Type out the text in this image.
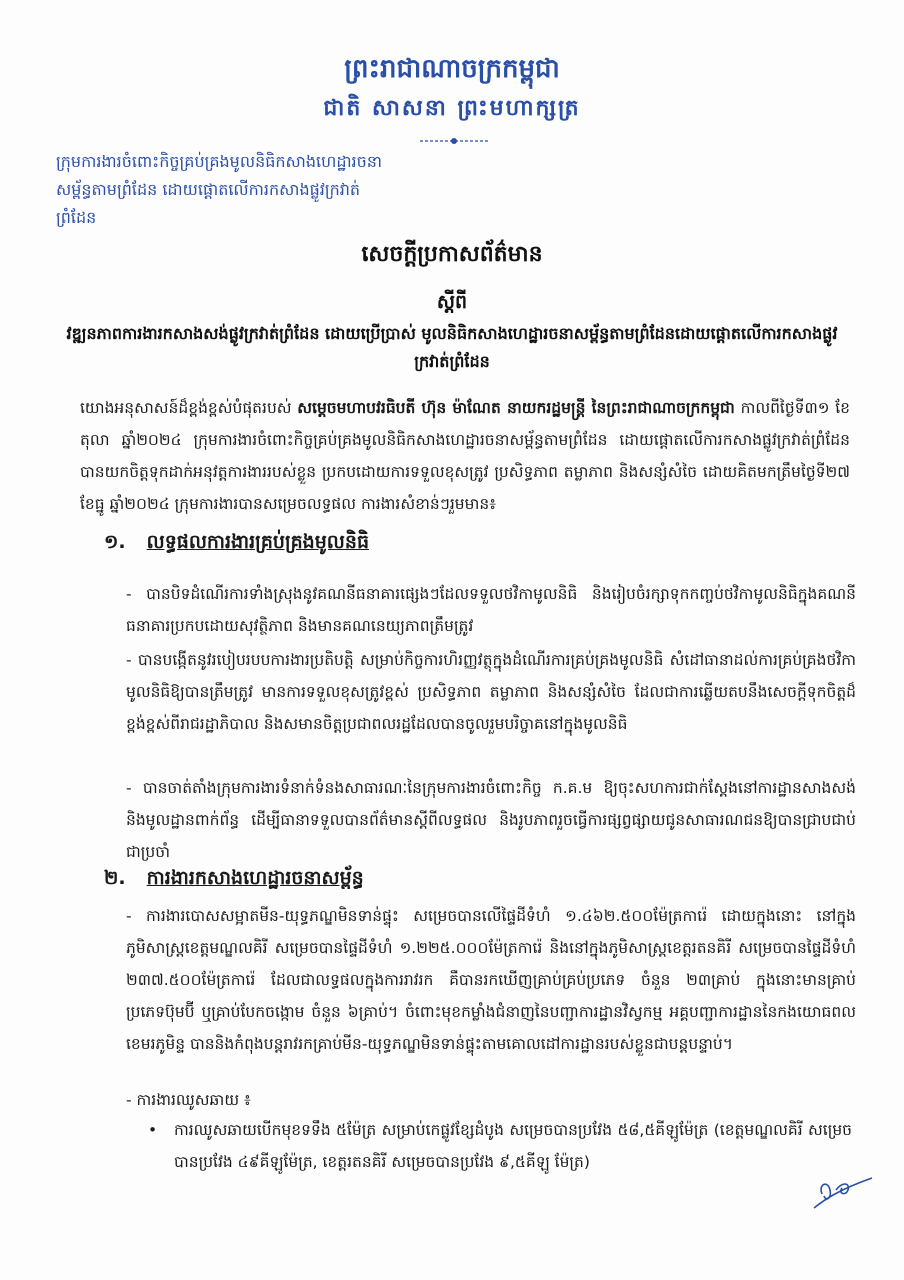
ព្រះរាជាណាចក្រកម្ពុជា
ជាតិ សាសនា ព្រះមហាក្សត្រ
ក្រុមការងារចំពោះកិច្ចគ្រប់គ្រងមូលនិធិកសាងហេដ្ឋារចនាសម្ព័ន្ធតាមព្រំដែន ដោយផ្ដោតលើការកសាងផ្លូវក្រវាត់ព្រំដែន
សេចក្ដីប្រកាសព័ត៌មាន
ស្ដីពី
វឌ្ឍនភាពការងារកសាងសង់ផ្លូវក្រវាត់ព្រំដែន ដោយប្រើប្រាស់ មូលនិធិកសាងហេដ្ឋារចនាសម្ព័ន្ធតាមព្រំដែនដោយផ្ដោតលើការកសាងផ្លូវក្រវាត់ព្រំដែន
យោងអនុសាសន៍ដ៏ខ្ពង់ខ្ពស់បំផុតរបស់ សម្ដេចមហាបវរធិបតី ហ៊ុន ម៉ាណែត នាយករដ្ឋមន្ត្រី នៃព្រះរាជាណាចក្រកម្ពុជា កាលពីថ្ងៃទី៣១ ខែតុលា ឆ្នាំ២០២៤ ក្រុមការងារចំពោះកិច្ចគ្រប់គ្រងមូលនិធិកសាងហេដ្ឋារចនាសម្ព័ន្ធតាមព្រំដែន ដោយផ្ដោតលើការកសាងផ្លូវក្រវាត់ព្រំដែន បានយកចិត្តទុកដាក់អនុវត្តការងាររបស់ខ្លួន ប្រកបដោយការទទួលខុសត្រូវ ប្រសិទ្ធភាព តម្លាភាព និងសន្សំសំចៃ ដោយគិតមកត្រឹមថ្ងៃទី២៧ ខែធ្នូ ឆ្នាំ២០២៤ ក្រុមការងារបានសម្រេចលទ្ធផល ការងារសំខាន់ៗរួមមាន៖
១. លទ្ធផលការងារគ្រប់គ្រងមូលនិធិ
- បានបិទដំណើរការទាំងស្រុងនូវគណនីធនាគារផ្សេងៗដែលទទួលថវិកាមូលនិធិ និងរៀបចំរក្សាទុកកញ្ចប់ថវិកាមូលនិធិក្នុងគណនីធនាគារប្រកបដោយសុវត្ថិភាព និងមានគណនេយ្យភាពត្រឹមត្រូវ
- បានបង្កើតនូវរបៀបរបបការងារប្រតិបត្តិ សម្រាប់កិច្ចការហិរញ្ញវត្ថុក្នុងដំណើរការគ្រប់គ្រងមូលនិធិ សំដៅធានាដល់ការគ្រប់គ្រងថវិកាមូលនិធិឱ្យបានត្រឹមត្រូវ មានការទទួលខុសត្រូវខ្ពស់ ប្រសិទ្ធភាព តម្លាភាព និងសន្សំសំចៃ ដែលជាការឆ្លើយតបនឹងសេចក្ដីទុកចិត្តដ៏ខ្ពង់ខ្ពស់ពីរាជរដ្ឋាភិបាល និងសមានចិត្តប្រជាពលរដ្ឋដែលបានចូលរួមបរិច្ចាគនៅក្នុងមូលនិធិ
- បានចាត់តាំងក្រុមការងារទំនាក់ទំនងសាធារណៈនៃក្រុមការងារចំពោះកិច្ច ក.គ.ម ឱ្យចុះសហការជាក់ស្ដែងនៅការដ្ឋានសាងសង់ និងមូលដ្ឋានពាក់ព័ន្ធ ដើម្បីធានាទទួលបានព័ត៌មានស្ដីពីលទ្ធផល និងរូបភាពរួចធ្វើការផ្សព្វផ្សាយជូនសាធារណជនឱ្យបានជ្រាបជាប់ជាប្រចាំ
២. ការងារកសាងហេដ្ឋារចនាសម្ព័ន្ធ
- ការងារបោសសម្អាតមីន-យុទ្ធភណ្ឌមិនទាន់ផ្ទុះ សម្រេចបានលើផ្ទៃដីទំហំ ១.៤៦២.៥០០ម៉ែត្រការ៉េ ដោយក្នុងនោះ នៅក្នុងភូមិសាស្ត្រខេត្តមណ្ឌលគិរី សម្រេចបានផ្ទៃដីទំហំ ១.២២៥.០០០ម៉ែត្រការ៉េ និងនៅក្នុងភូមិសាស្ត្រខេត្តរតនគិរី សម្រេចបានផ្ទៃដីទំហំ ២៣៧.៥០០ម៉ែត្រការ៉េ ដែលជាលទ្ធផលក្នុងការរាវរក គឺបានរកឃើញគ្រាប់គ្រប់ប្រភេទ ចំនួន ២៣គ្រាប់ ក្នុងនោះមានគ្រាប់ប្រភេទប៊ុមប៊ី ឬគ្រាប់បែកចង្កោម ចំនួន ៦គ្រាប់។ ចំពោះមុខកម្លាំងជំនាញនៃបញ្ជាការដ្ឋានវិស្វកម្ម អគ្គបញ្ជាការដ្ឋាននៃកងយោធពលខេមរភូមិន្ទ បាននិងកំពុងបន្តរាវរកគ្រាប់មីន-យុទ្ធភណ្ឌមិនទាន់ផ្ទុះតាមគោលដៅការដ្ឋានរបស់ខ្លួនជាបន្តបន្ទាប់។
- ការងារឈូសឆាយ ៖
•	ការឈូសឆាយបើកមុខទទឹង ៥ម៉ែត្រ សម្រាប់កេផ្លូវខ្សែដំបូង សម្រេចបានប្រវែង ៥៨,៥គីឡូម៉ែត្រ (ខេត្តមណ្ឌលគិរី សម្រេចបានប្រវែង ៤៩គីឡូម៉ែត្រ, ខេត្តរតនគិរី សម្រេចបានប្រវែង ៩,៥គីឡូ ម៉ែត្រ)
